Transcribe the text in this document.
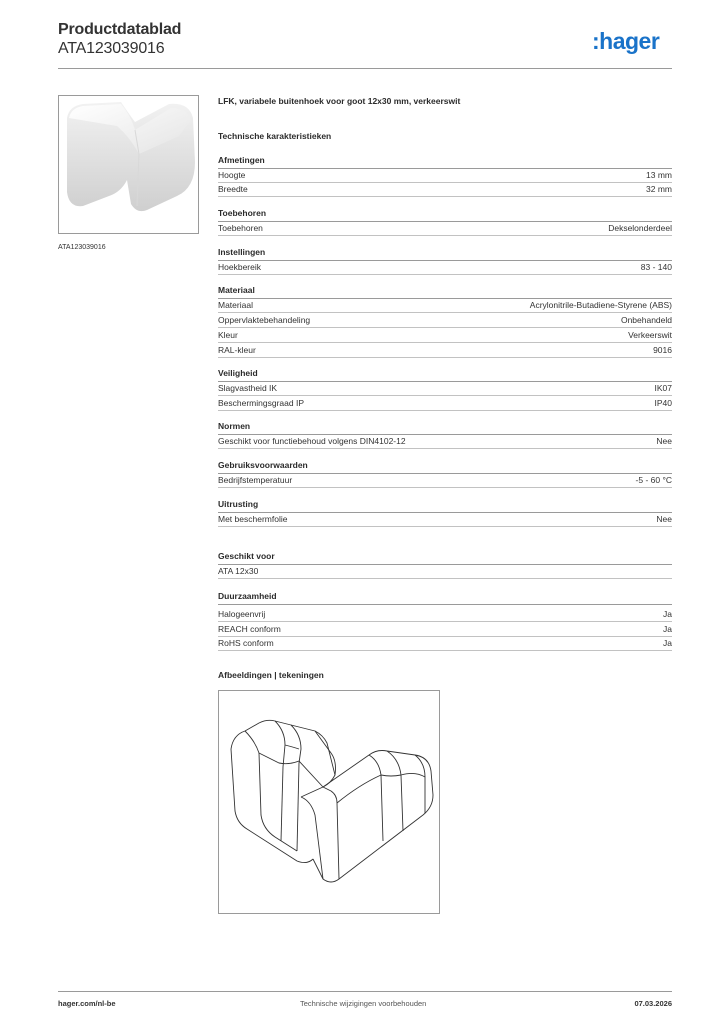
Productdatablad
ATA123039016	:hager
ATA123039016
LFK, variabele buitenhoek voor goot 12x30 mm, verkeerswit
Technische karakteristieken
Afmetingen
Hoogte	13 mm
Breedte	32 mm
Toebehoren
Toebehoren	Dekselonderdeel
Instellingen
Hoekbereik	83 - 140
Materiaal
Materiaal	Acrylonitrile-Butadiene-Styrene (ABS)
Oppervlaktebehandeling	Onbehandeld
Kleur	Verkeerswit
RAL-kleur	9016
Veiligheid
Slagvastheid IK	IK07
Beschermingsgraad IP	IP40
Normen
Geschikt voor functiebehoud volgens DIN4102-12	Nee
Gebruiksvoorwaarden
Bedrijfstemperatuur	-5 - 60 °C
Uitrusting
Met beschermfolie	Nee
Geschikt voor
ATA 12x30
Duurzaamheid
Halogeenvrij	Ja
REACH conform	Ja
RoHS conform	Ja
Afbeeldingen | tekeningen
hager.com/nl-be	Technische wijzigingen voorbehouden	07.03.2026
